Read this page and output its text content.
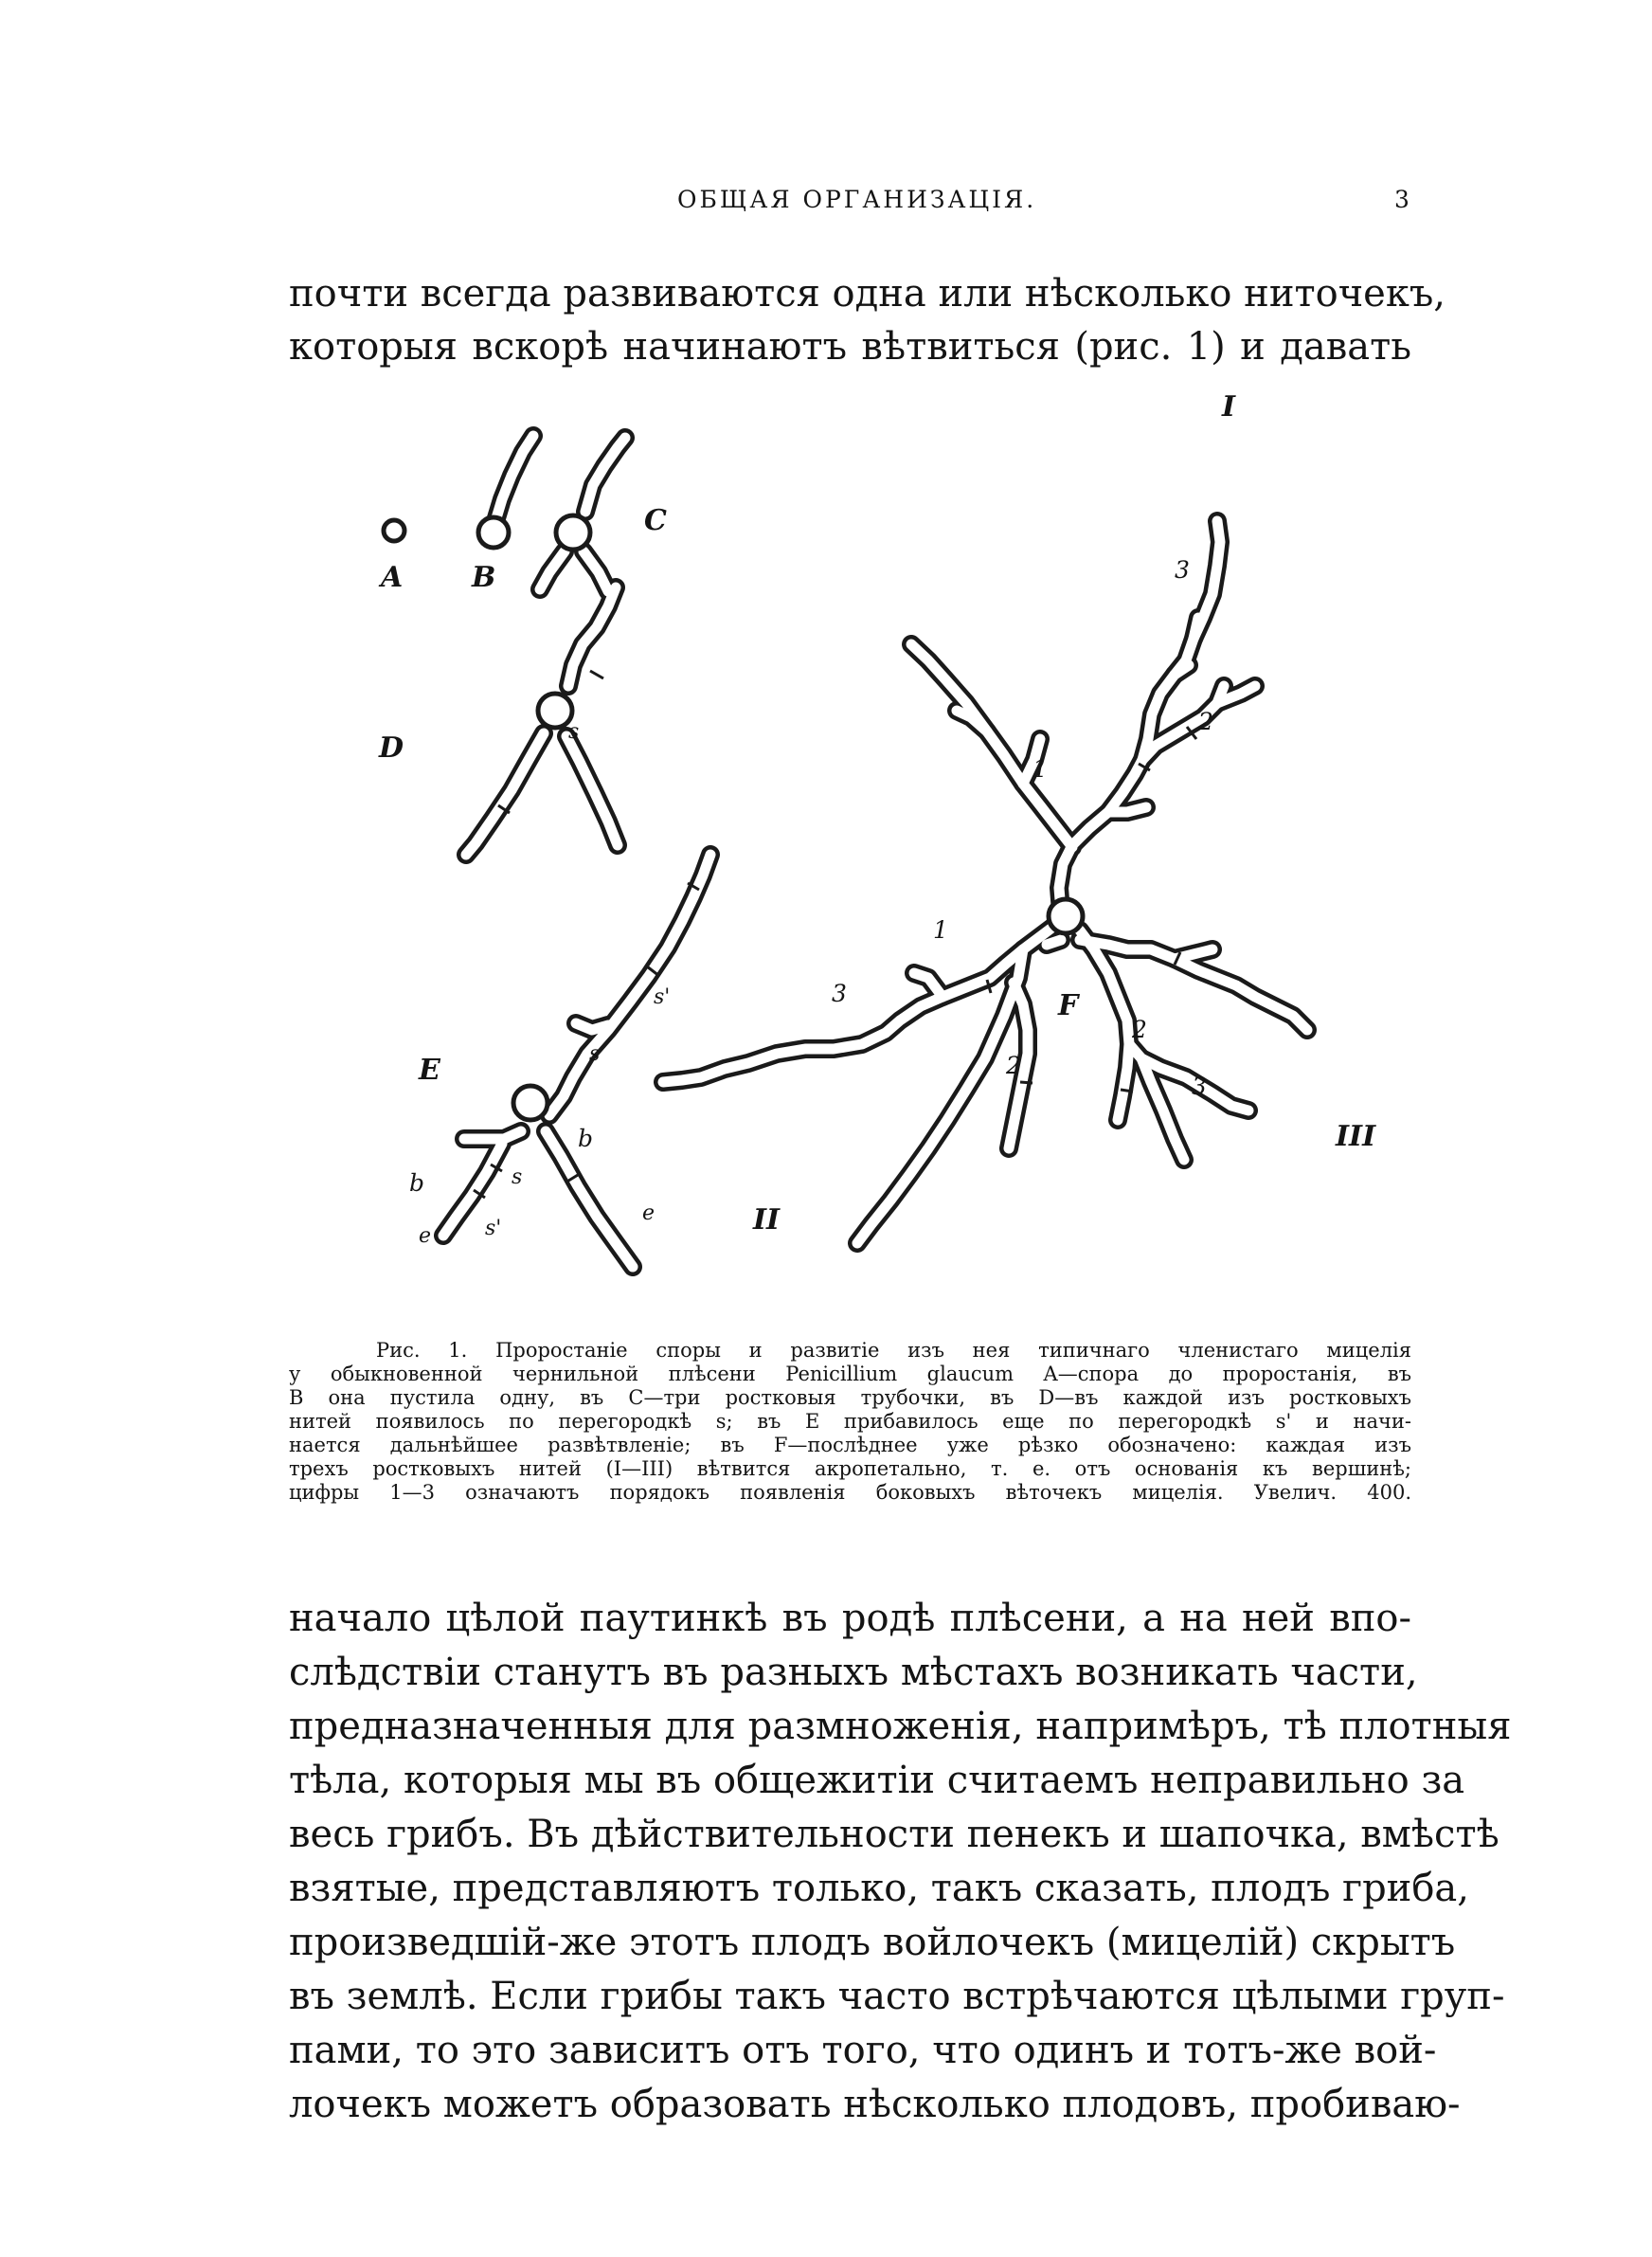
ОБЩАЯ ОРГАНИЗАЦІЯ.	3
почти всегда развиваются одна или нѣсколько ниточекъ,
которыя вскорѣ начинаютъ вѣтвиться (рис. 1) и давать
A B
C
D
E
F
I
II
III
s
s
s
s'
s'
b
b
e
e
1
1
2
2
2
3
3
3
Рис. 1. Проростаніе споры и развитіе изъ нея типичнаго членистаго мицелія
у обыкновенной чернильной плѣсени Penicillium glaucum A—спора до проростанія, въ
B она пустила одну, въ C—три ростковыя трубочки, въ D—въ каждой изъ ростковыхъ
нитей появилось по перегородкѣ s; въ E прибавилось еще по перегородкѣ s' и начи-
нается дальнѣйшее развѣтвленіе; въ F—послѣднее уже рѣзко обозначено: каждая изъ
трехъ ростковыхъ нитей (I—III) вѣтвится акропетально, т. е. отъ основанія къ вершинѣ;
цифры 1—3 означаютъ порядокъ появленія боковыхъ вѣточекъ мицелія. Увелич. 400.
начало цѣлой паутинкѣ въ родѣ плѣсени, а на ней впо-
слѣдствіи станутъ въ разныхъ мѣстахъ возникать части,
предназначенныя для размноженія, напримѣръ, тѣ плотныя
тѣла, которыя мы въ общежитіи считаемъ неправильно за
весь грибъ. Въ дѣйствительности пенекъ и шапочка, вмѣстѣ
взятые, представляютъ только, такъ сказать, плодъ гриба,
произведшій-же этотъ плодъ войлочекъ (мицелій) скрытъ
въ землѣ. Если грибы такъ часто встрѣчаются цѣлыми груп-
пами, то это зависитъ отъ того, что одинъ и тотъ-же вой-
лочекъ можетъ образовать нѣсколько плодовъ, пробиваю-
